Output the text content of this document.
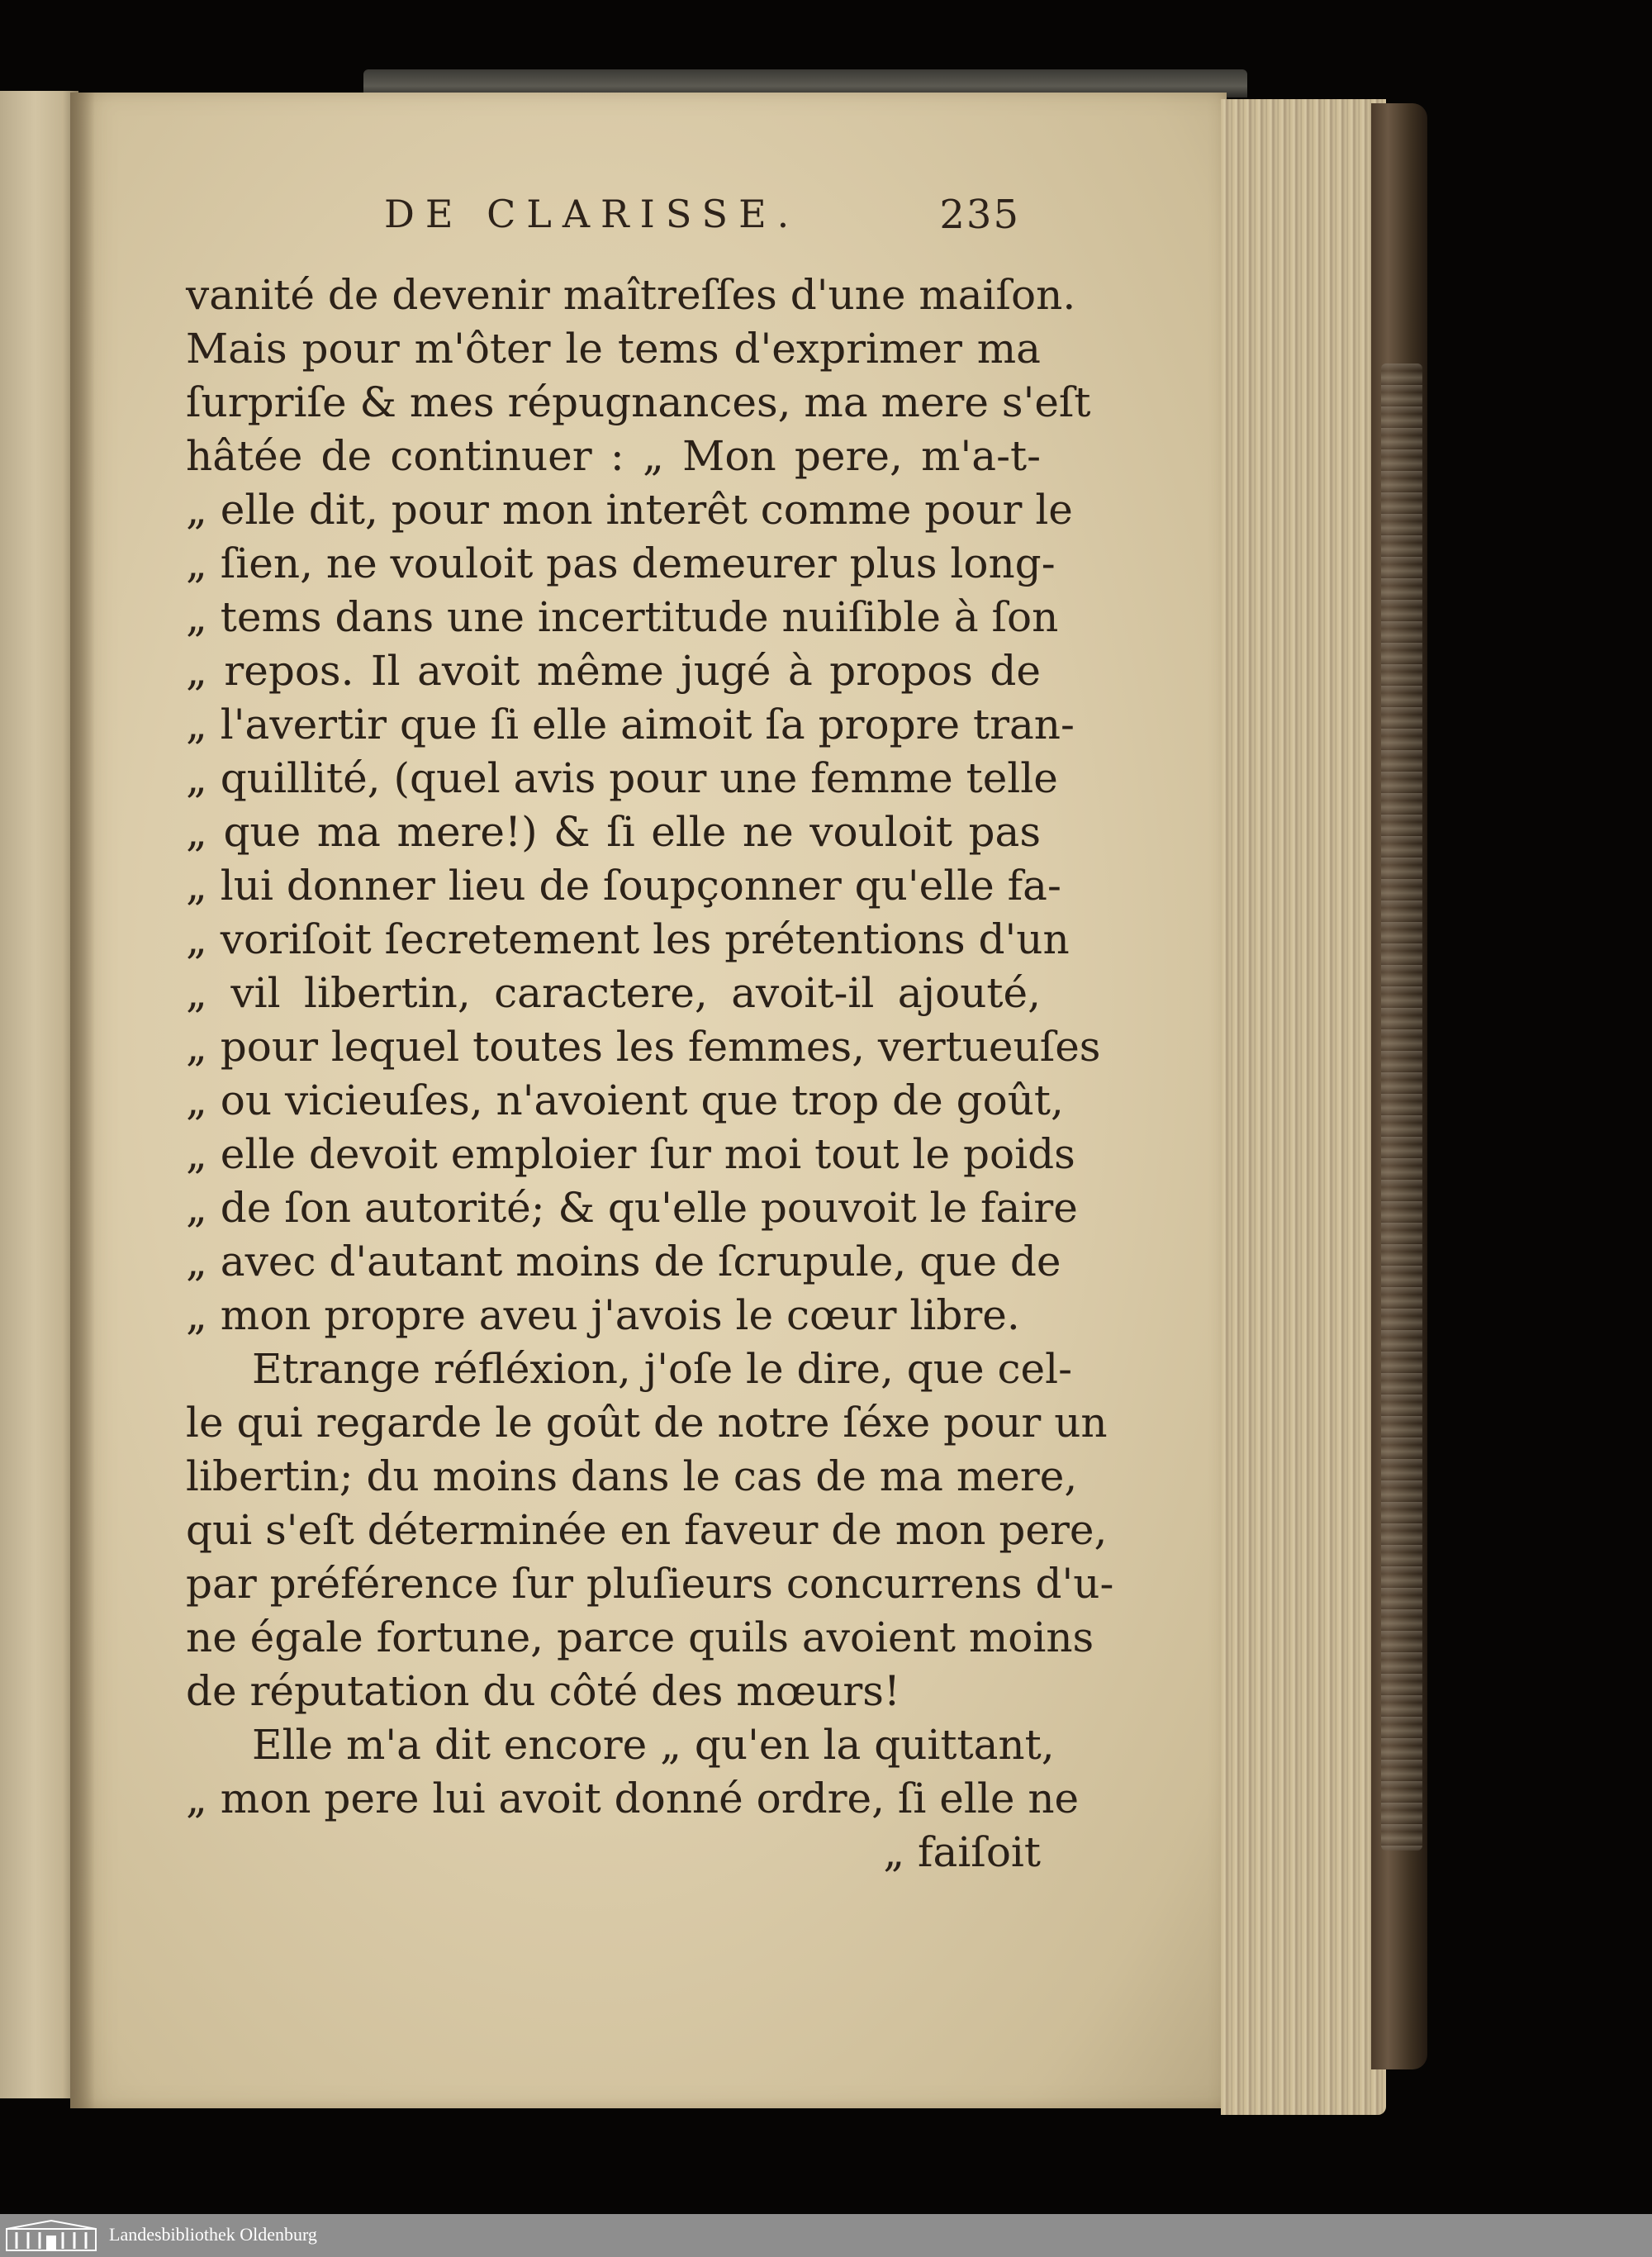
DE CLARISSE.	235
vanité de devenir maîtreſſes d'une maiſon.
Mais pour m'ôter le tems d'exprimer ma
ſurpriſe & mes répugnances, ma mere s'eſt
hâtée de continuer : „ Mon pere, m'a-t-
„ elle dit, pour mon interêt comme pour le
„ ſien, ne vouloit pas demeurer plus long-
„ tems dans une incertitude nuiſible à ſon
„ repos. Il avoit même jugé à propos de
„ l'avertir que ſi elle aimoit ſa propre tran-
„ quillité, (quel avis pour une femme telle
„ que ma mere!) & ſi elle ne vouloit pas
„ lui donner lieu de ſoupçonner qu'elle fa-
„ voriſoit ſecretement les prétentions d'un
„ vil libertin, caractere, avoit-il ajouté,
„ pour lequel toutes les femmes, vertueuſes
„ ou vicieuſes, n'avoient que trop de goût,
„ elle devoit emploier ſur moi tout le poids
„ de ſon autorité; & qu'elle pouvoit le faire
„ avec d'autant moins de ſcrupule, que de
„ mon propre aveu j'avois le cœur libre.
Etrange réfléxion, j'oſe le dire, que cel-
le qui regarde le goût de notre ſéxe pour un
libertin; du moins dans le cas de ma mere,
qui s'eſt déterminée en faveur de mon pere,
par préférence ſur pluſieurs concurrens d'u-
ne égale fortune, parce quils avoient moins
de réputation du côté des mœurs!
Elle m'a dit encore „ qu'en la quittant,
„ mon pere lui avoit donné ordre, ſi elle ne
„ faiſoit
Landesbibliothek Oldenburg
